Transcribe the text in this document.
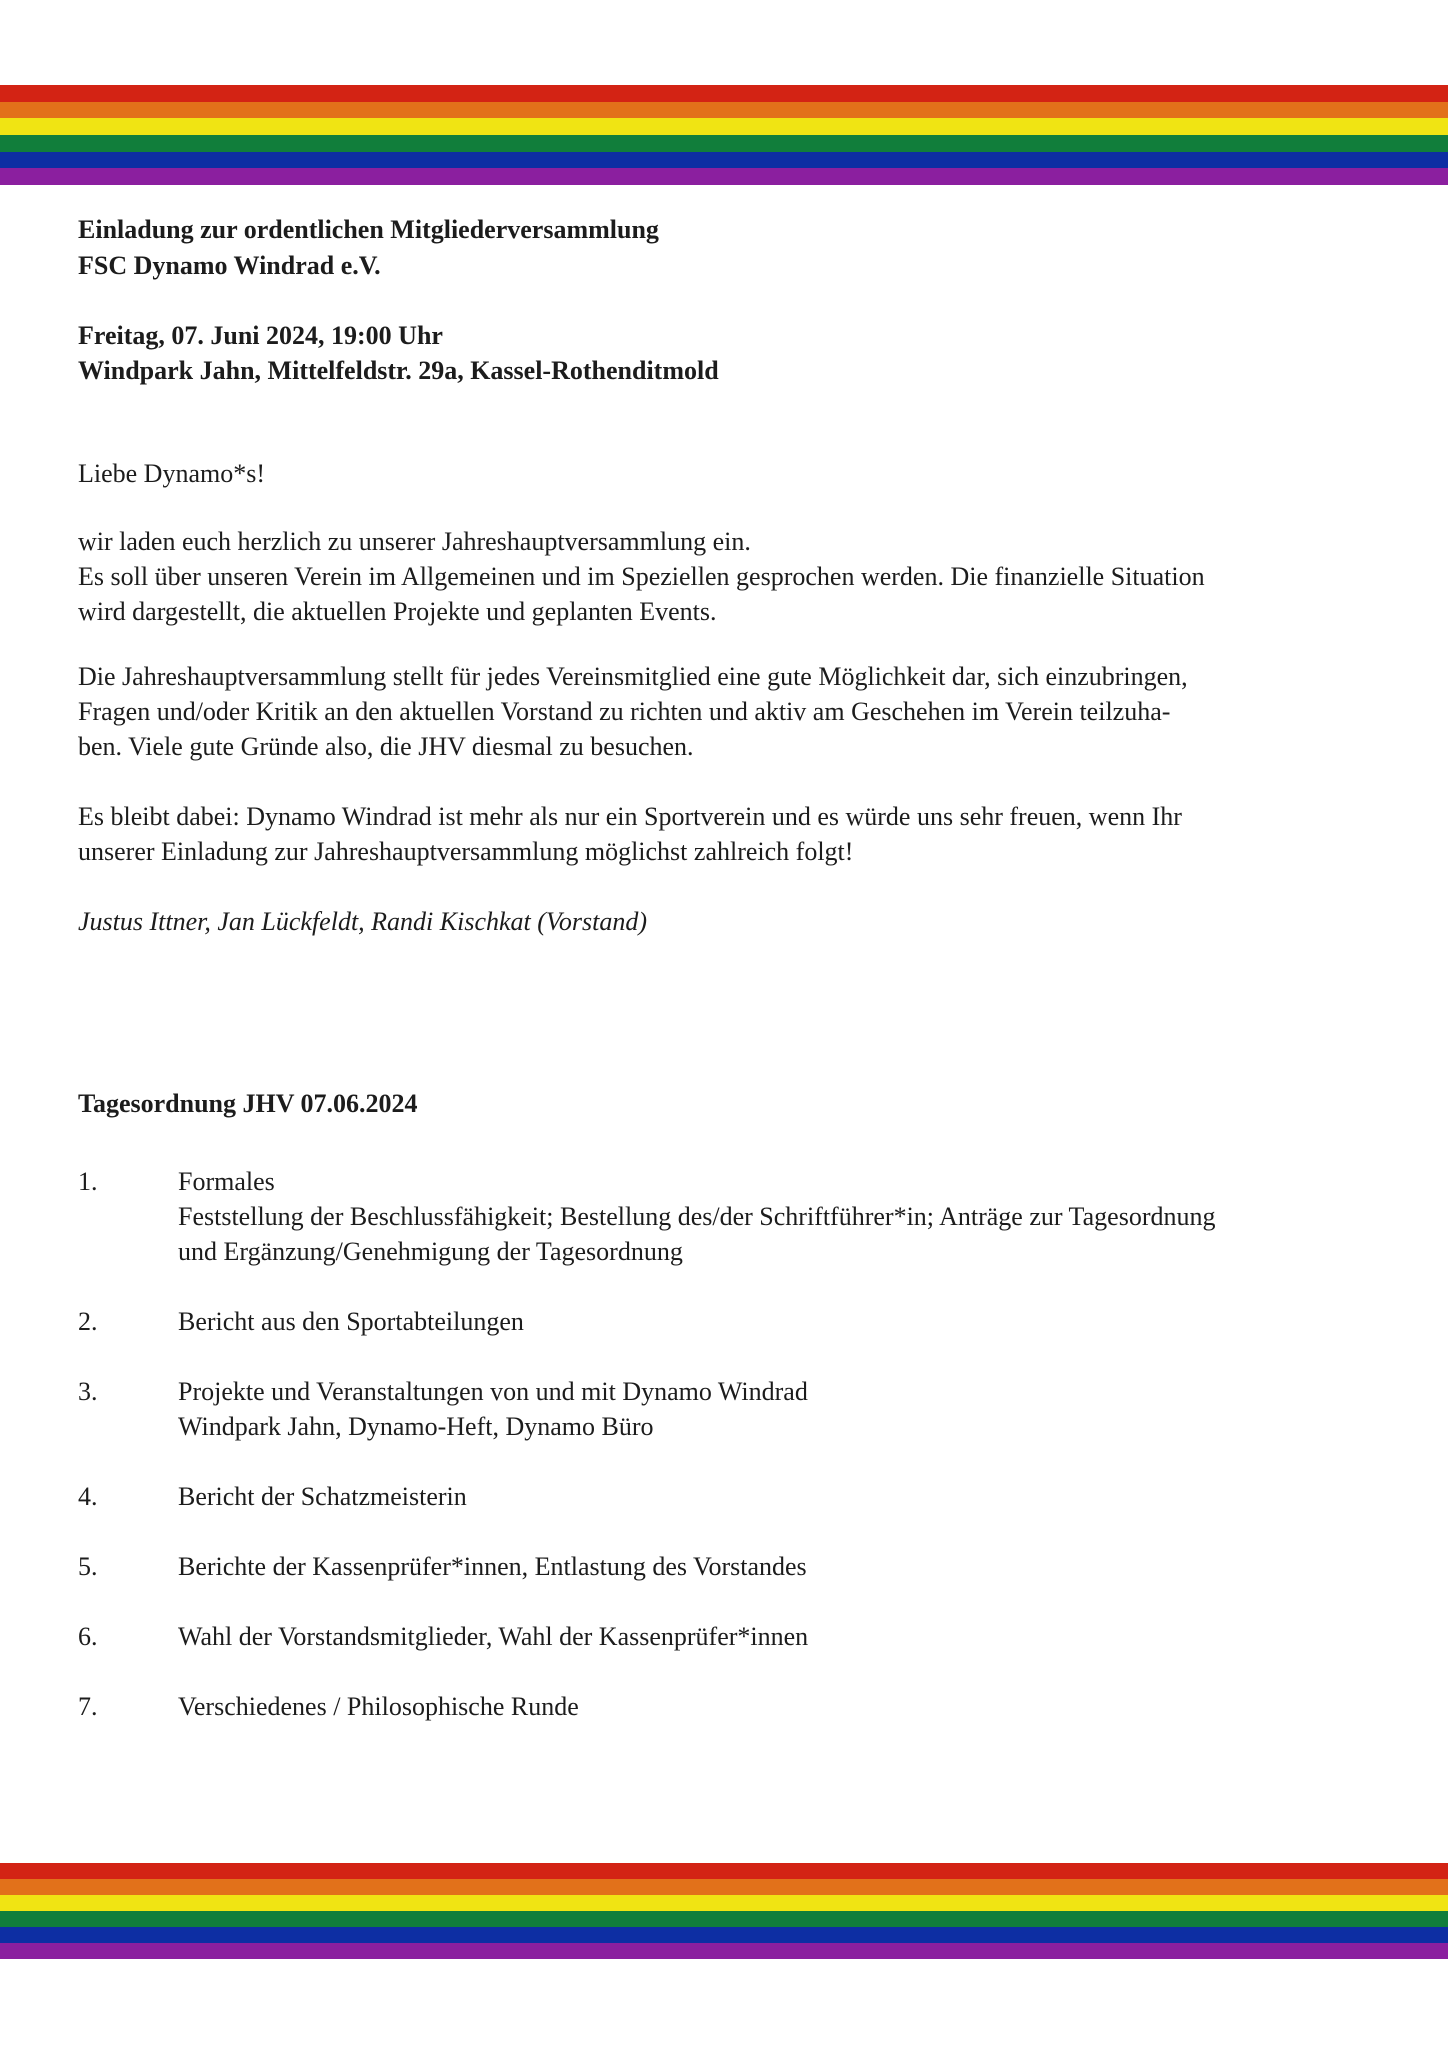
Einladung zur ordentlichen Mitgliederversammlung
FSC Dynamo Windrad e.V.
Freitag, 07. Juni 2024, 19:00 Uhr
Windpark Jahn, Mittelfeldstr. 29a, Kassel-Rothenditmold
Liebe Dynamo*s!
wir laden euch herzlich zu unserer Jahreshauptversammlung ein.
Es soll über unseren Verein im Allgemeinen und im Speziellen gesprochen werden. Die finanzielle Situation
wird dargestellt, die aktuellen Projekte und geplanten Events.
Die Jahreshauptversammlung stellt für jedes Vereinsmitglied eine gute Möglichkeit dar, sich einzubringen,
Fragen und/oder Kritik an den aktuellen Vorstand zu richten und aktiv am Geschehen im Verein teilzuha-
ben. Viele gute Gründe also, die JHV diesmal zu besuchen.
Es bleibt dabei: Dynamo Windrad ist mehr als nur ein Sportverein und es würde uns sehr freuen, wenn Ihr
unserer Einladung zur Jahreshauptversammlung möglichst zahlreich folgt!
Justus Ittner, Jan Lückfeldt, Randi Kischkat (Vorstand)
Tagesordnung JHV 07.06.2024
1.	Formales
Feststellung der Beschlussfähigkeit; Bestellung des/der Schriftführer*in; Anträge zur Tagesordnung
und Ergänzung/Genehmigung der Tagesordnung
2.	Bericht aus den Sportabteilungen
3.	Projekte und Veranstaltungen von und mit Dynamo Windrad
Windpark Jahn, Dynamo-Heft, Dynamo Büro
4.	Bericht der Schatzmeisterin
5.	Berichte der Kassenprüfer*innen, Entlastung des Vorstandes
6.	Wahl der Vorstandsmitglieder, Wahl der Kassenprüfer*innen
7.	Verschiedenes / Philosophische Runde
